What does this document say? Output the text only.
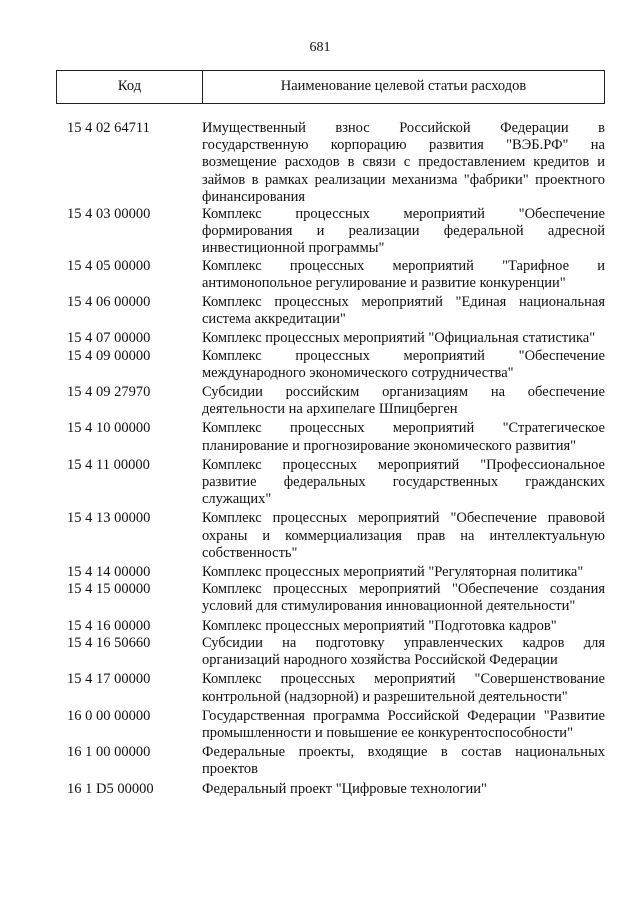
681
Код	Наименование целевой статьи расходов
15 4 02 64711	Имущественный взнос Российской Федерации в государственную корпорацию развития "ВЭБ.РФ" на возмещение расходов в связи с предоставлением кредитов и займов в рамках реализации механизма "фабрики" проектного финансирования
15 4 03 00000	Комплекс процессных мероприятий "Обеспечение формирования и реализации федеральной адресной инвестиционной программы"
15 4 05 00000	Комплекс процессных мероприятий "Тарифное и антимонопольное регулирование и развитие конкуренции"
15 4 06 00000	Комплекс процессных мероприятий "Единая национальная система аккредитации"
15 4 07 00000	Комплекс процессных мероприятий "Официальная статистика"
15 4 09 00000	Комплекс процессных мероприятий "Обеспечение международного экономического сотрудничества"
15 4 09 27970	Субсидии российским организациям на обеспечение деятельности на архипелаге Шпицберген
15 4 10 00000	Комплекс процессных мероприятий "Стратегическое планирование и прогнозирование экономического развития"
15 4 11 00000	Комплекс процессных мероприятий "Профессиональное развитие федеральных государственных гражданских служащих"
15 4 13 00000	Комплекс процессных мероприятий "Обеспечение правовой охраны и коммерциализация прав на интеллектуальную собственность"
15 4 14 00000	Комплекс процессных мероприятий "Регуляторная политика"
15 4 15 00000	Комплекс процессных мероприятий "Обеспечение создания условий для стимулирования инновационной деятельности"
15 4 16 00000	Комплекс процессных мероприятий "Подготовка кадров"
15 4 16 50660	Субсидии на подготовку управленческих кадров для организаций народного хозяйства Российской Федерации
15 4 17 00000	Комплекс процессных мероприятий "Совершенствование контрольной (надзорной) и разрешительной деятельности"
16 0 00 00000	Государственная программа Российской Федерации "Развитие промышленности и повышение ее конкурентоспособности"
16 1 00 00000	Федеральные проекты, входящие в состав национальных проектов
16 1 D5 00000	Федеральный проект "Цифровые технологии"
